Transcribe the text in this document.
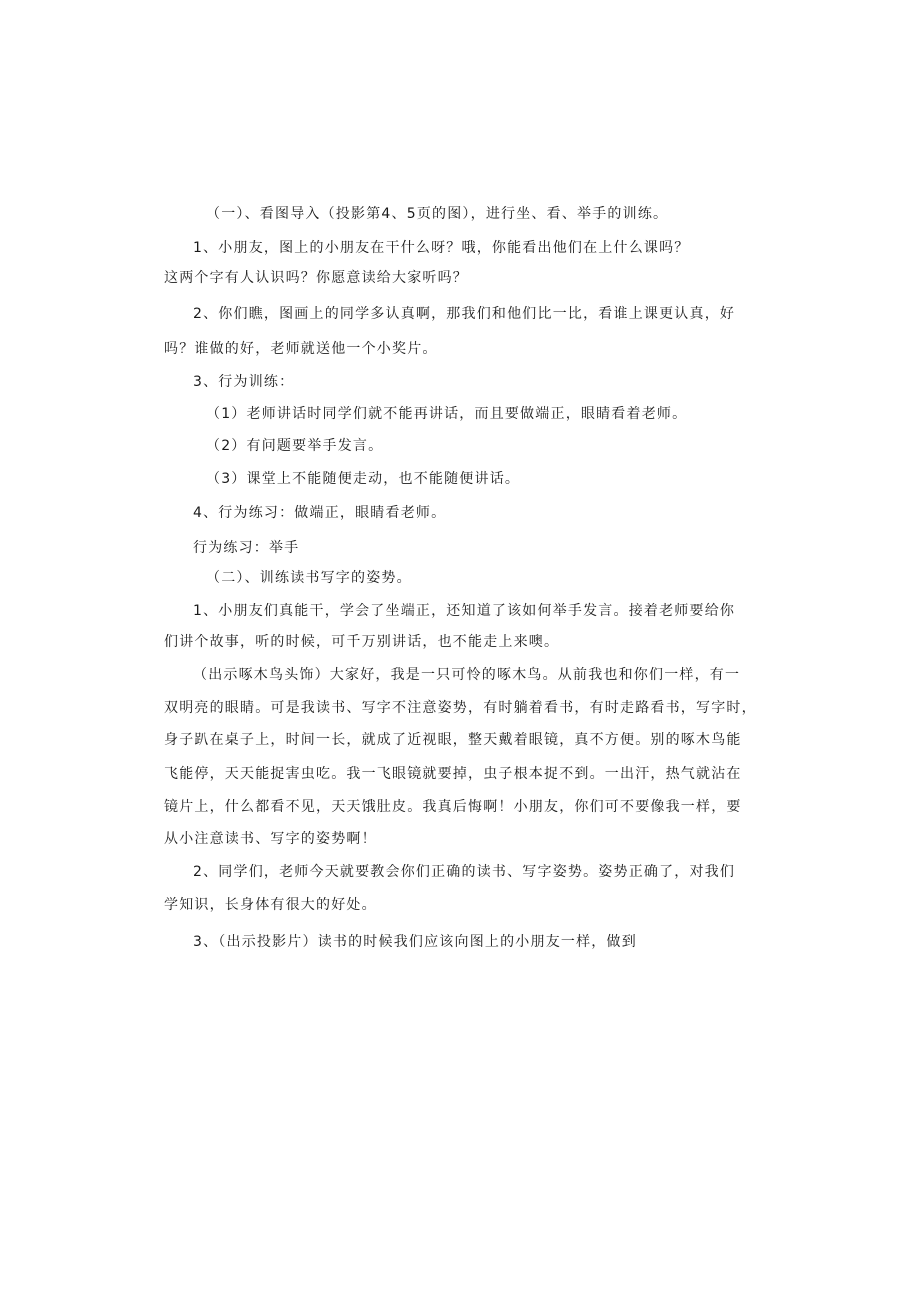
（一）、看图导入（投影第4、5页的图），进行坐、看、举手的训练。
1、小朋友，图上的小朋友在干什么呀？哦，你能看出他们在上什么课吗？
这两个字有人认识吗？你愿意读给大家听吗？
2、你们瞧，图画上的同学多认真啊，那我们和他们比一比，看谁上课更认真，好
吗？谁做的好，老师就送他一个小奖片。
3、行为训练：
（1）老师讲话时同学们就不能再讲话，而且要做端正，眼睛看着老师。
（2）有问题要举手发言。
（3）课堂上不能随便走动，也不能随便讲话。
4、行为练习：做端正，眼睛看老师。
行为练习：举手
（二）、训练读书写字的姿势。
1、小朋友们真能干，学会了坐端正，还知道了该如何举手发言。接着老师要给你
们讲个故事，听的时候，可千万别讲话，也不能走上来噢。
（出示啄木鸟头饰）大家好，我是一只可怜的啄木鸟。从前我也和你们一样，有一
双明亮的眼睛。可是我读书、写字不注意姿势，有时躺着看书，有时走路看书，写字时，
身子趴在桌子上，时间一长，就成了近视眼，整天戴着眼镜，真不方便。别的啄木鸟能
飞能停，天天能捉害虫吃。我一飞眼镜就要掉，虫子根本捉不到。一出汗，热气就沾在
镜片上，什么都看不见，天天饿肚皮。我真后悔啊！小朋友，你们可不要像我一样，要
从小注意读书、写字的姿势啊！
2、同学们，老师今天就要教会你们正确的读书、写字姿势。姿势正确了，对我们
学知识，长身体有很大的好处。
3、（出示投影片）读书的时候我们应该向图上的小朋友一样，做到
